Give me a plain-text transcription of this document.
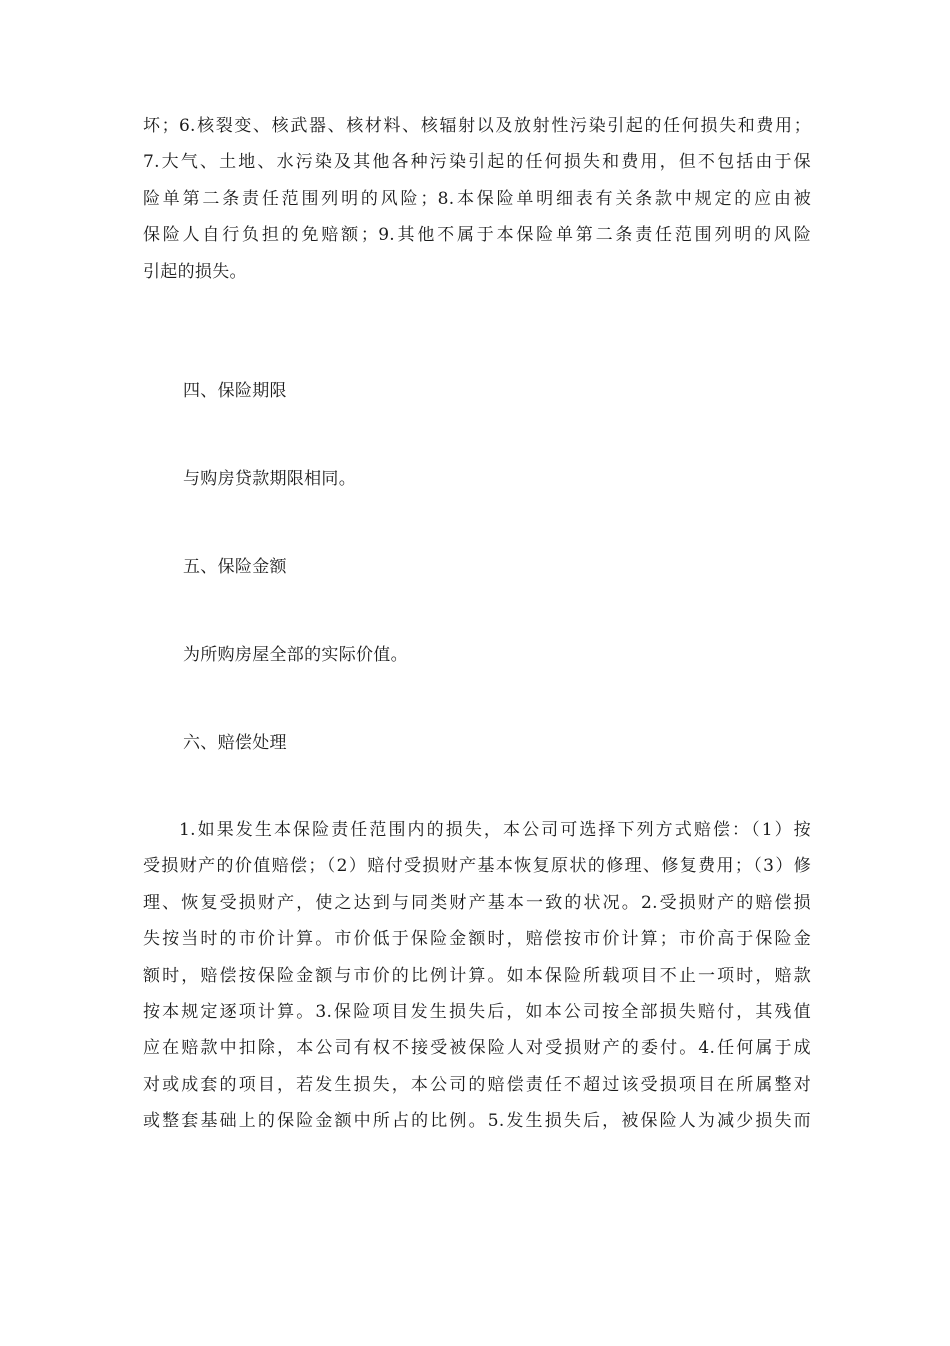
坏；6.核裂变、核武器、核材料、核辐射以及放射性污染引起的任何损失和费用；
7.大气、土地、水污染及其他各种污染引起的任何损失和费用，但不包括由于保
险单第二条责任范围列明的风险；8.本保险单明细表有关条款中规定的应由被
保险人自行负担的免赔额；9.其他不属于本保险单第二条责任范围列明的风险
引起的损失。

四、保险期限

与购房贷款期限相同。

五、保险金额

为所购房屋全部的实际价值。

六、赔偿处理

1.如果发生本保险责任范围内的损失，本公司可选择下列方式赔偿：（1）按
受损财产的价值赔偿；（2）赔付受损财产基本恢复原状的修理、修复费用；（3）修
理、恢复受损财产，使之达到与同类财产基本一致的状况。2.受损财产的赔偿损
失按当时的市价计算。市价低于保险金额时，赔偿按市价计算；市价高于保险金
额时，赔偿按保险金额与市价的比例计算。如本保险所载项目不止一项时，赔款
按本规定逐项计算。3.保险项目发生损失后，如本公司按全部损失赔付，其残值
应在赔款中扣除，本公司有权不接受被保险人对受损财产的委付。4.任何属于成
对或成套的项目，若发生损失，本公司的赔偿责任不超过该受损项目在所属整对
或整套基础上的保险金额中所占的比例。5.发生损失后，被保险人为减少损失而
